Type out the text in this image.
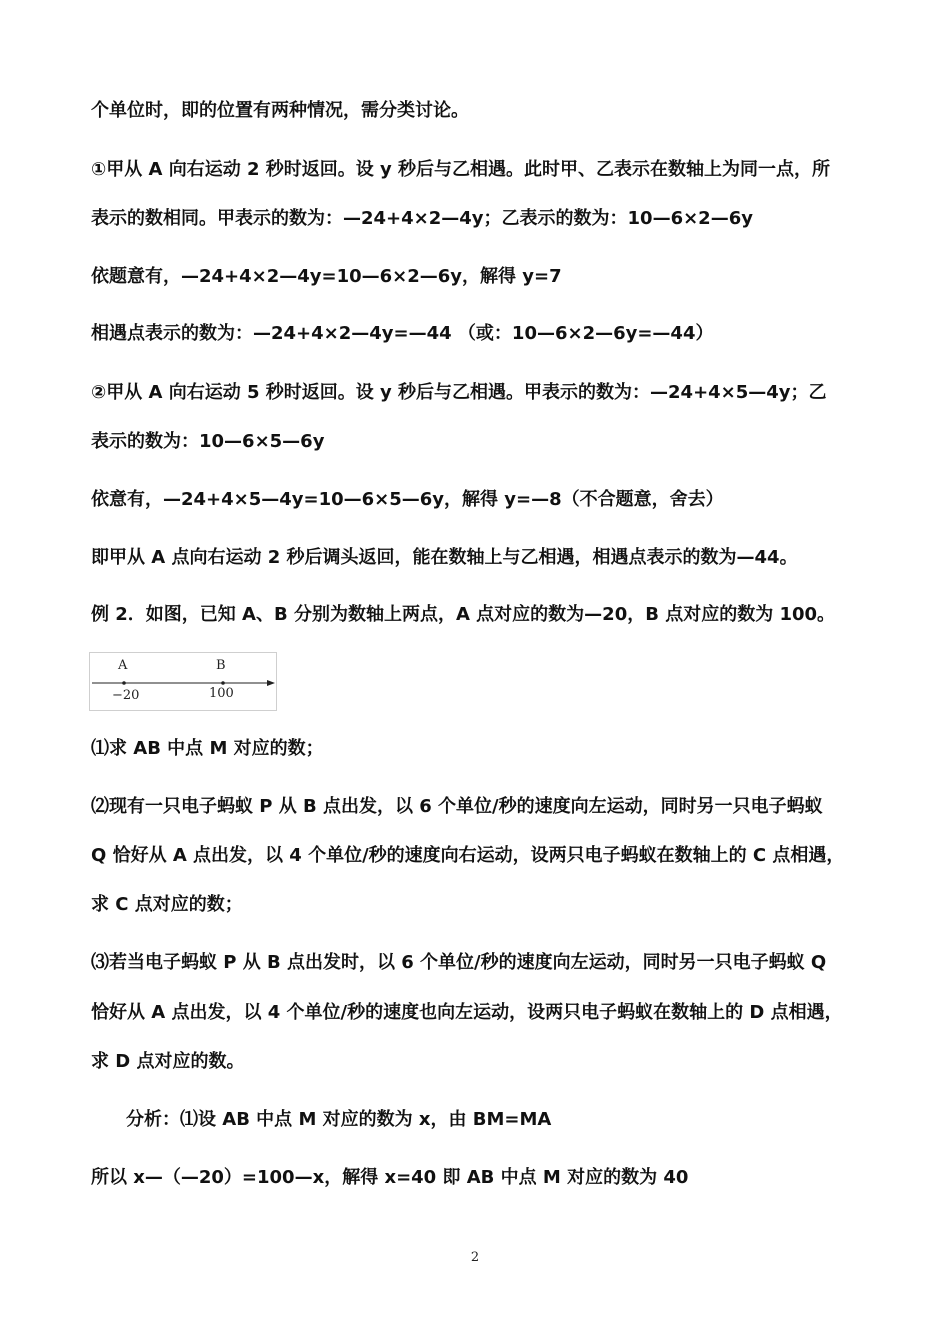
个单位时，即的位置有两种情况，需分类讨论。
①甲从 A 向右运动 2 秒时返回。设 y 秒后与乙相遇。此时甲、乙表示在数轴上为同一点，所
表示的数相同。甲表示的数为：—24+4×2—4y；乙表示的数为：10—6×2—6y
依题意有，—24+4×2—4y=10—6×2—6y，解得 y=7
相遇点表示的数为：—24+4×2—4y=—44 （或：10—6×2—6y=—44）
②甲从 A 向右运动 5 秒时返回。设 y 秒后与乙相遇。甲表示的数为：—24+4×5—4y；乙
表示的数为：10—6×5—6y
依意有，—24+4×5—4y=10—6×5—6y，解得 y=—8（不合题意，舍去）
即甲从 A 点向右运动 2 秒后调头返回，能在数轴上与乙相遇，相遇点表示的数为—44。
例 2．如图，已知 A、B 分别为数轴上两点，A 点对应的数为—20，B 点对应的数为 100。
A	B
−20	100
⑴求 AB 中点 M 对应的数；
⑵现有一只电子蚂蚁 P 从 B 点出发，以 6 个单位/秒的速度向左运动，同时另一只电子蚂蚁
Q 恰好从 A 点出发，以 4 个单位/秒的速度向右运动，设两只电子蚂蚁在数轴上的 C 点相遇，
求 C 点对应的数；
⑶若当电子蚂蚁 P 从 B 点出发时，以 6 个单位/秒的速度向左运动，同时另一只电子蚂蚁 Q
恰好从 A 点出发，以 4 个单位/秒的速度也向左运动，设两只电子蚂蚁在数轴上的 D 点相遇，
求 D 点对应的数。
分析：⑴设 AB 中点 M 对应的数为 x，由 BM=MA
所以 x—（—20）=100—x，解得 x=40 即 AB 中点 M 对应的数为 40
2
